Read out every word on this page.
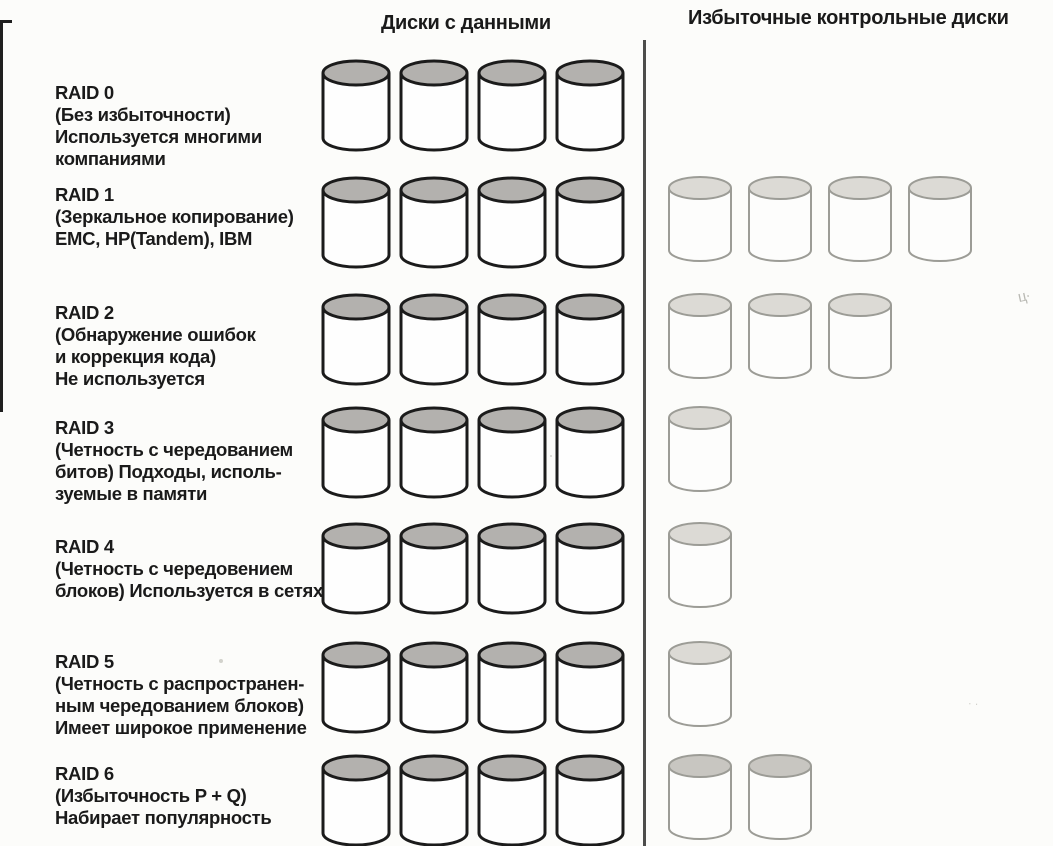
Диски с данными	Избыточные контрольные диски
RAID 0
(Без избыточности)
Используется многими
компаниями
RAID 1
(Зеркальное копирование)
EMC, HP(Tandem), IBM
RAID 2
(Обнаружение ошибок
и коррекция кода)
Не используется
RAID 3
(Четность с чередованием
битов) Подходы, исполь-
зуемые в памяти
RAID 4
(Четность с чередовением
блоков) Используется в сетях
RAID 5
(Четность с распространен-
ным чередованием блоков)
Имеет широкое применение
RAID 6
(Избыточность P + Q)
Набирает популярность
ц·
· ·
